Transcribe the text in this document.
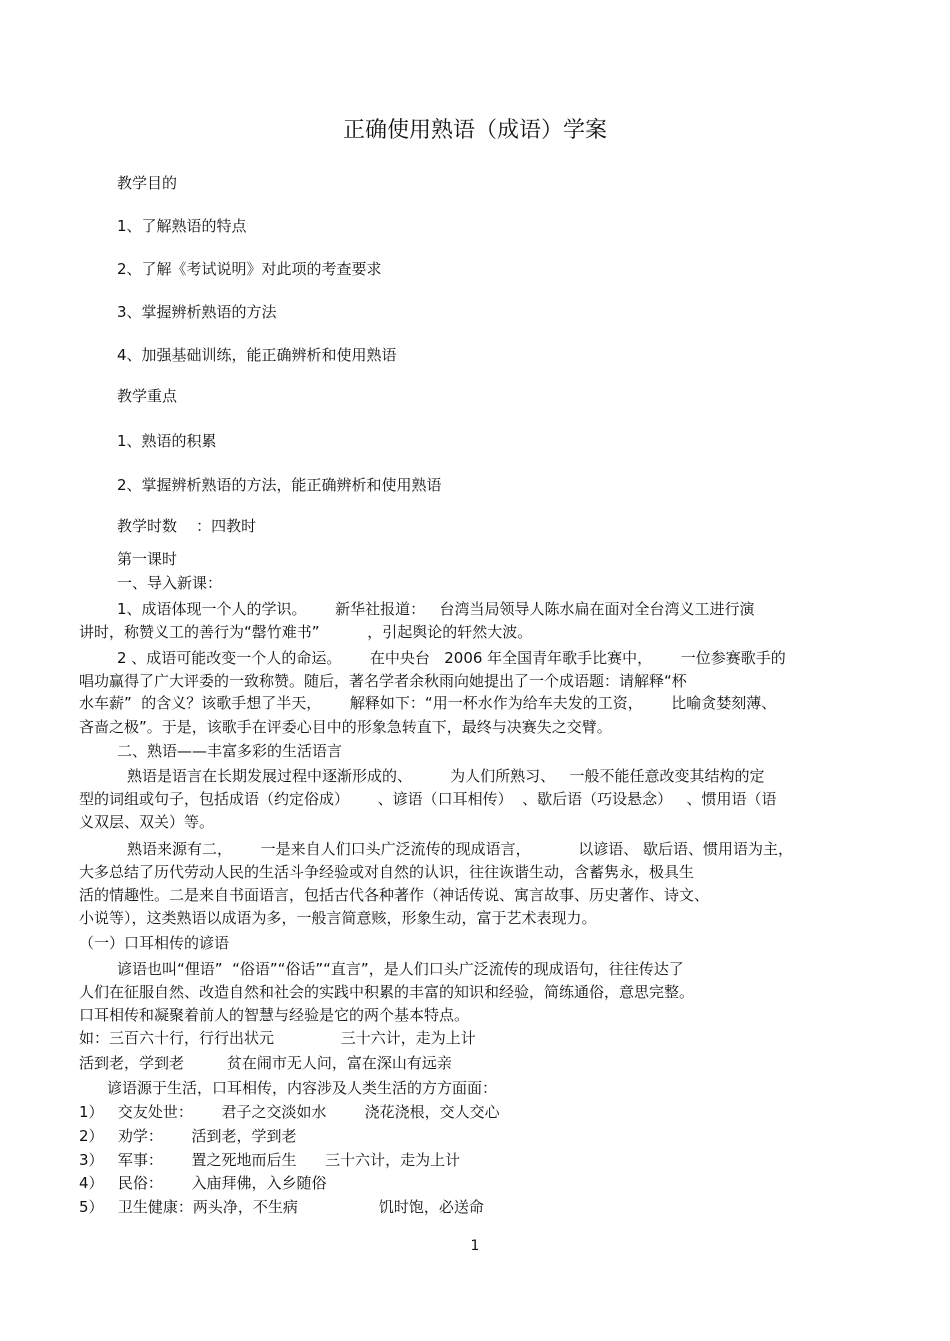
正确使用熟语（成语）学案
教学目的
1、了解熟语的特点
2、了解《考试说明》对此项的考查要求
3、掌握辨析熟语的方法
4、加强基础训练，能正确辨析和使用熟语
教学重点
1、熟语的积累
2、掌握辨析熟语的方法，能正确辨析和使用熟语
教学时数    ：四教时
第一课时
一、导入新课：
1、成语体现一个人的学识。      新华社报道：   台湾当局领导人陈水扁在面对全台湾义工进行演
讲时，称赞义工的善行为“罄竹难书”          ，引起舆论的轩然大波。
2 、成语可能改变一个人的命运。      在中央台   2006 年全国青年歌手比赛中，      一位参赛歌手的
唱功赢得了广大评委的一致称赞。随后，著名学者余秋雨向她提出了一个成语题：请解释“杯
水车薪”  的含义？该歌手想了半天，      解释如下：“用一杯水作为给车夫发的工资，      比喻贪婪刻薄、
吝啬之极”。于是，该歌手在评委心目中的形象急转直下，最终与决赛失之交臂。
二、熟语——丰富多彩的生活语言
熟语是语言在长期发展过程中逐渐形成的、        为人们所熟习、   一般不能任意改变其结构的定
型的词组或句子，包括成语（约定俗成）      、谚语（口耳相传）  、歇后语（巧设悬念）   、惯用语（语
义双层、双关）等。
熟语来源有二，      一是来自人们口头广泛流传的现成语言，          以谚语、 歇后语、惯用语为主，
大多总结了历代劳动人民的生活斗争经验或对自然的认识，往往诙谐生动，含蓄隽永，极具生
活的情趣性。二是来自书面语言，包括古代各种著作（神话传说、寓言故事、历史著作、诗文、
小说等），这类熟语以成语为多，一般言简意赅，形象生动，富于艺术表现力。
（一）口耳相传的谚语
谚语也叫“俚语”  “俗语”“俗话”“直言”，是人们口头广泛流传的现成语句，往往传达了
人们在征服自然、改造自然和社会的实践中积累的丰富的知识和经验，简练通俗，意思完整。
口耳相传和凝聚着前人的智慧与经验是它的两个基本特点。
如：三百六十行，行行出状元              三十六计，走为上计
活到老，学到老         贫在闹市无人问，富在深山有远亲
谚语源于生活，口耳相传，内容涉及人类生活的方方面面：
1）   交友处世：      君子之交淡如水        浇花浇根，交人交心
2）   劝学：      活到老，学到老
3）   军事：      置之死地而后生      三十六计，走为上计
4）   民俗：      入庙拜佛，入乡随俗
5）   卫生健康：两头净，不生病                 饥时饱，必送命
1
